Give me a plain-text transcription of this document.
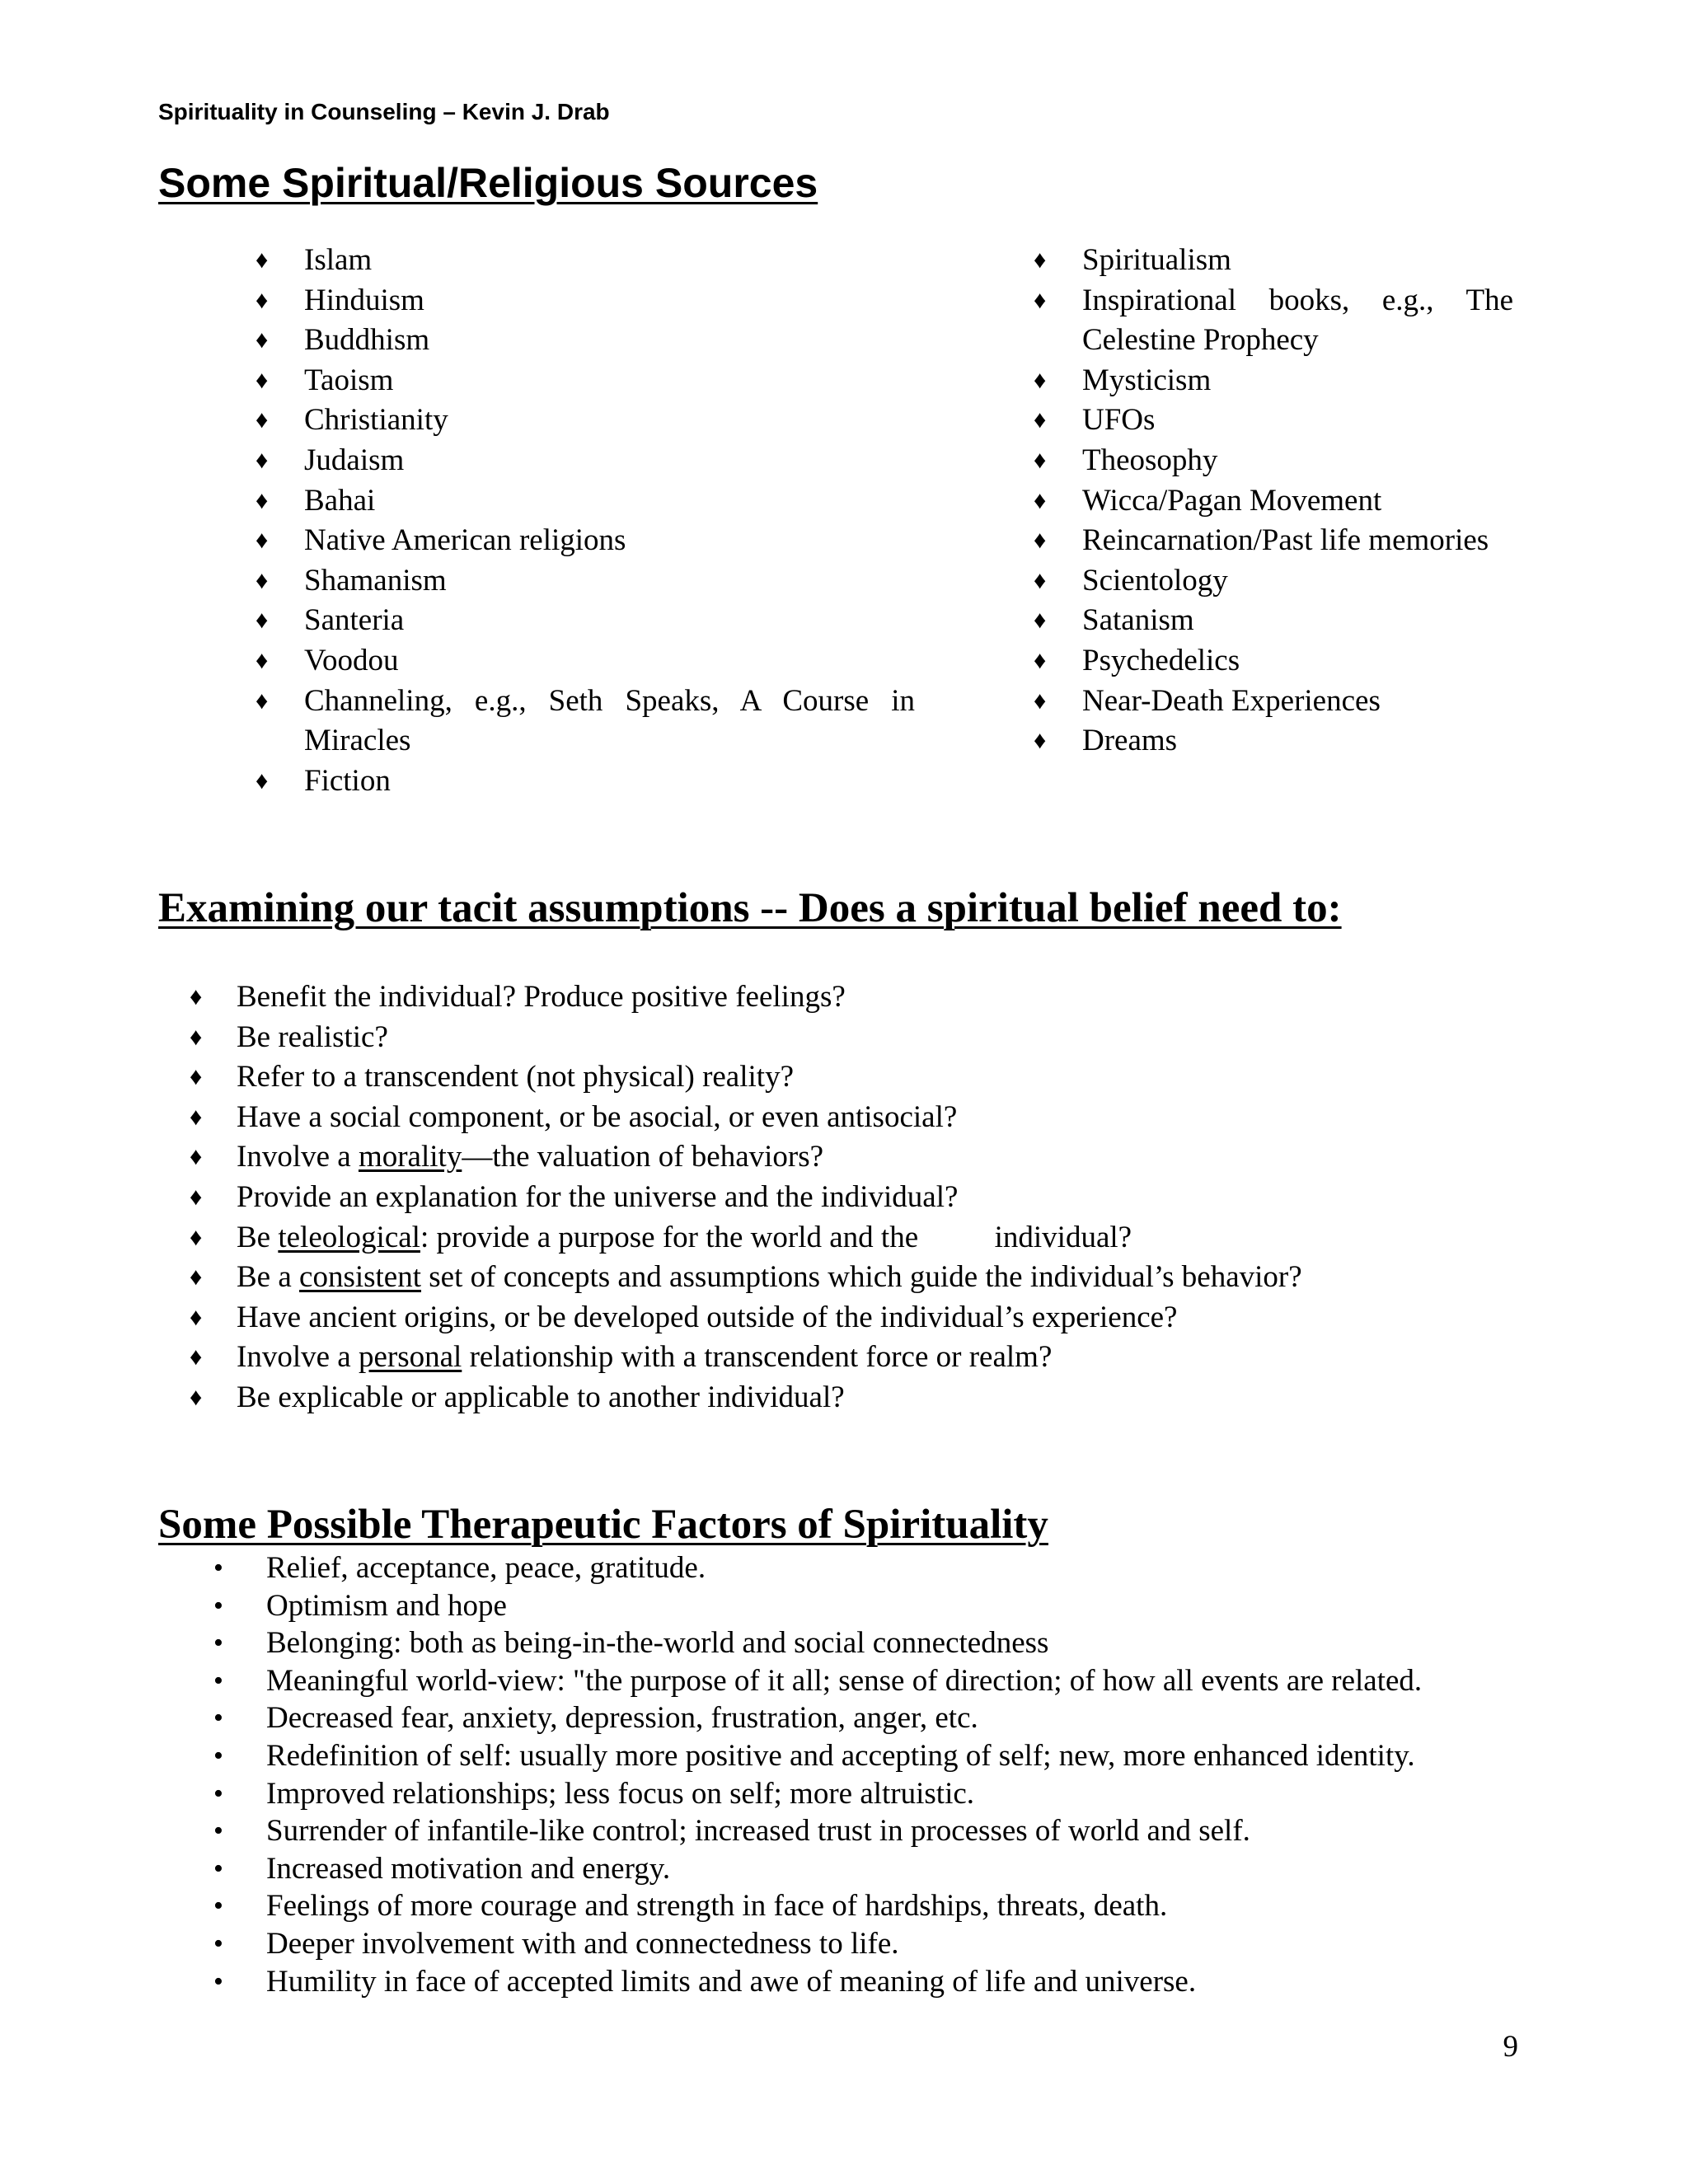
Spirituality in Counseling – Kevin J. Drab
Some Spiritual/Religious Sources
♦ Islam
♦ Hinduism
♦ Buddhism
♦ Taoism
♦ Christianity
♦ Judaism
♦ Bahai
♦ Native American religions
♦ Shamanism
♦ Santeria
♦ Voodou
♦ Channeling, e.g., Seth Speaks, A Course in Miracles
♦ Fiction
♦ Spiritualism
♦ Inspirational books, e.g., The Celestine Prophecy
♦ Mysticism
♦ UFOs
♦ Theosophy
♦ Wicca/Pagan Movement
♦ Reincarnation/Past life memories
♦ Scientology
♦ Satanism
♦ Psychedelics
♦ Near-Death Experiences
♦ Dreams
Examining our tacit assumptions -- Does a spiritual belief need to:
♦ Benefit the individual? Produce positive feelings?
♦ Be realistic?
♦ Refer to a transcendent (not physical) reality?
♦ Have a social component, or be asocial, or even antisocial?
♦ Involve a morality—the valuation of behaviors?
♦ Provide an explanation for the universe and the individual?
♦ Be teleological: provide a purpose for the world and the          individual?
♦ Be a consistent set of concepts and assumptions which guide the individual’s behavior?
♦ Have ancient origins, or be developed outside of the individual’s experience?
♦ Involve a personal relationship with a transcendent force or realm?
♦ Be explicable or applicable to another individual?
Some Possible Therapeutic Factors of Spirituality
• Relief, acceptance, peace, gratitude.
• Optimism and hope
• Belonging: both as being-in-the-world and social connectedness
• Meaningful world-view: "the purpose of it all; sense of direction; of how all events are related.
• Decreased fear, anxiety, depression, frustration, anger, etc.
• Redefinition of self: usually more positive and accepting of self; new, more enhanced identity.
• Improved relationships; less focus on self; more altruistic.
• Surrender of infantile-like control; increased trust in processes of world and self.
• Increased motivation and energy.
• Feelings of more courage and strength in face of hardships, threats, death.
• Deeper involvement with and connectedness to life.
• Humility in face of accepted limits and awe of meaning of life and universe.
9
